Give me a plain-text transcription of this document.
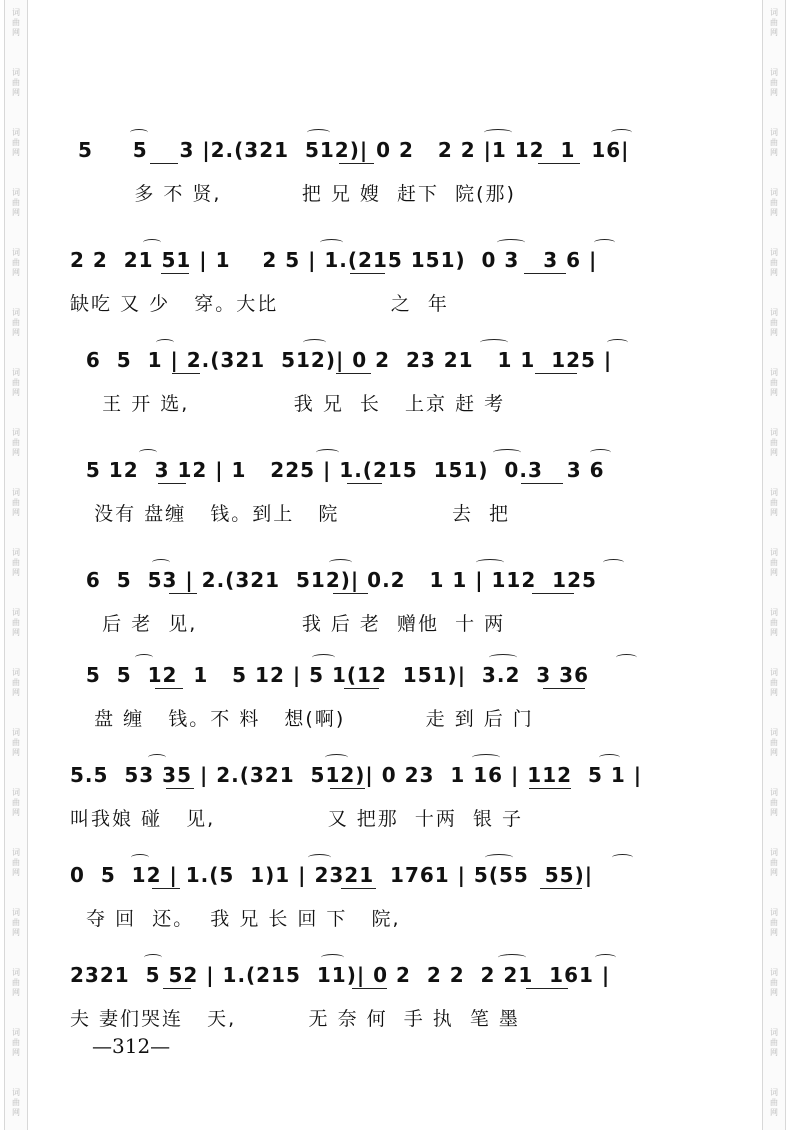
词
曲
网
词
曲
网
词
曲
网
词
曲
网
词
曲
网
词
曲
网
词
曲
网
词
曲
网
词
曲
网
词
曲
网
词
曲
网
词
曲
网
词
曲
网
词
曲
网
词
曲
网
词
曲
网
词
曲
网
词
曲
网
词
曲
网
词
曲
网
词
曲
网
词
曲
网
词
曲
网
词
曲
网
词
曲
网
词
曲
网
词
曲
网
词
曲
网
词
曲
网
词
曲
网
词
曲
网
词
曲
网
词
曲
网
词
曲
网
词
曲
网
词
曲
网
词
曲
网
词
曲
网
5     5    3 |2.(321  512)| 0 2   2 2 |1 12  1  16|
多 不 贤,          把 兄 嫂  赶下  院(那)
2 2  21 51 | 1    2 5 | 1.(215 151)  0 3   3 6 |
缺吃 又 少   穿。大比              之  年
6  5  1 | 2.(321  512)| 0 2  23 21   1 1  125 |
王 开 选,             我 兄  长   上京 赶 考
5 12  3 12 | 1   225 | 1.(215  151)  0.3   3 6
没有 盘缠   钱。到上   院              去  把
6  5  53 | 2.(321  512)| 0.2   1 1 | 112  125
后 老  见,             我 后 老  赠他  十 两
5  5  12  1   5 12 | 5 1(12  151)|  3.2  3 36
盘 缠   钱。不 料   想(啊)          走 到 后 门
5.5  53 35 | 2.(321  512)| 0 23  1 16 | 112  5 1 |
叫我娘 碰   见,              又 把那  十两  银 子
0  5  12 | 1.(5  1)1 | 2321  1761 | 5(55  55)|
夺 回  还。  我 兄 长 回 下   院,
2321  5 52 | 1.(215  11)| 0 2  2 2  2 21  161 |
夫 妻们哭连   天,         无 奈 何  手 执  笔 墨
—312—
